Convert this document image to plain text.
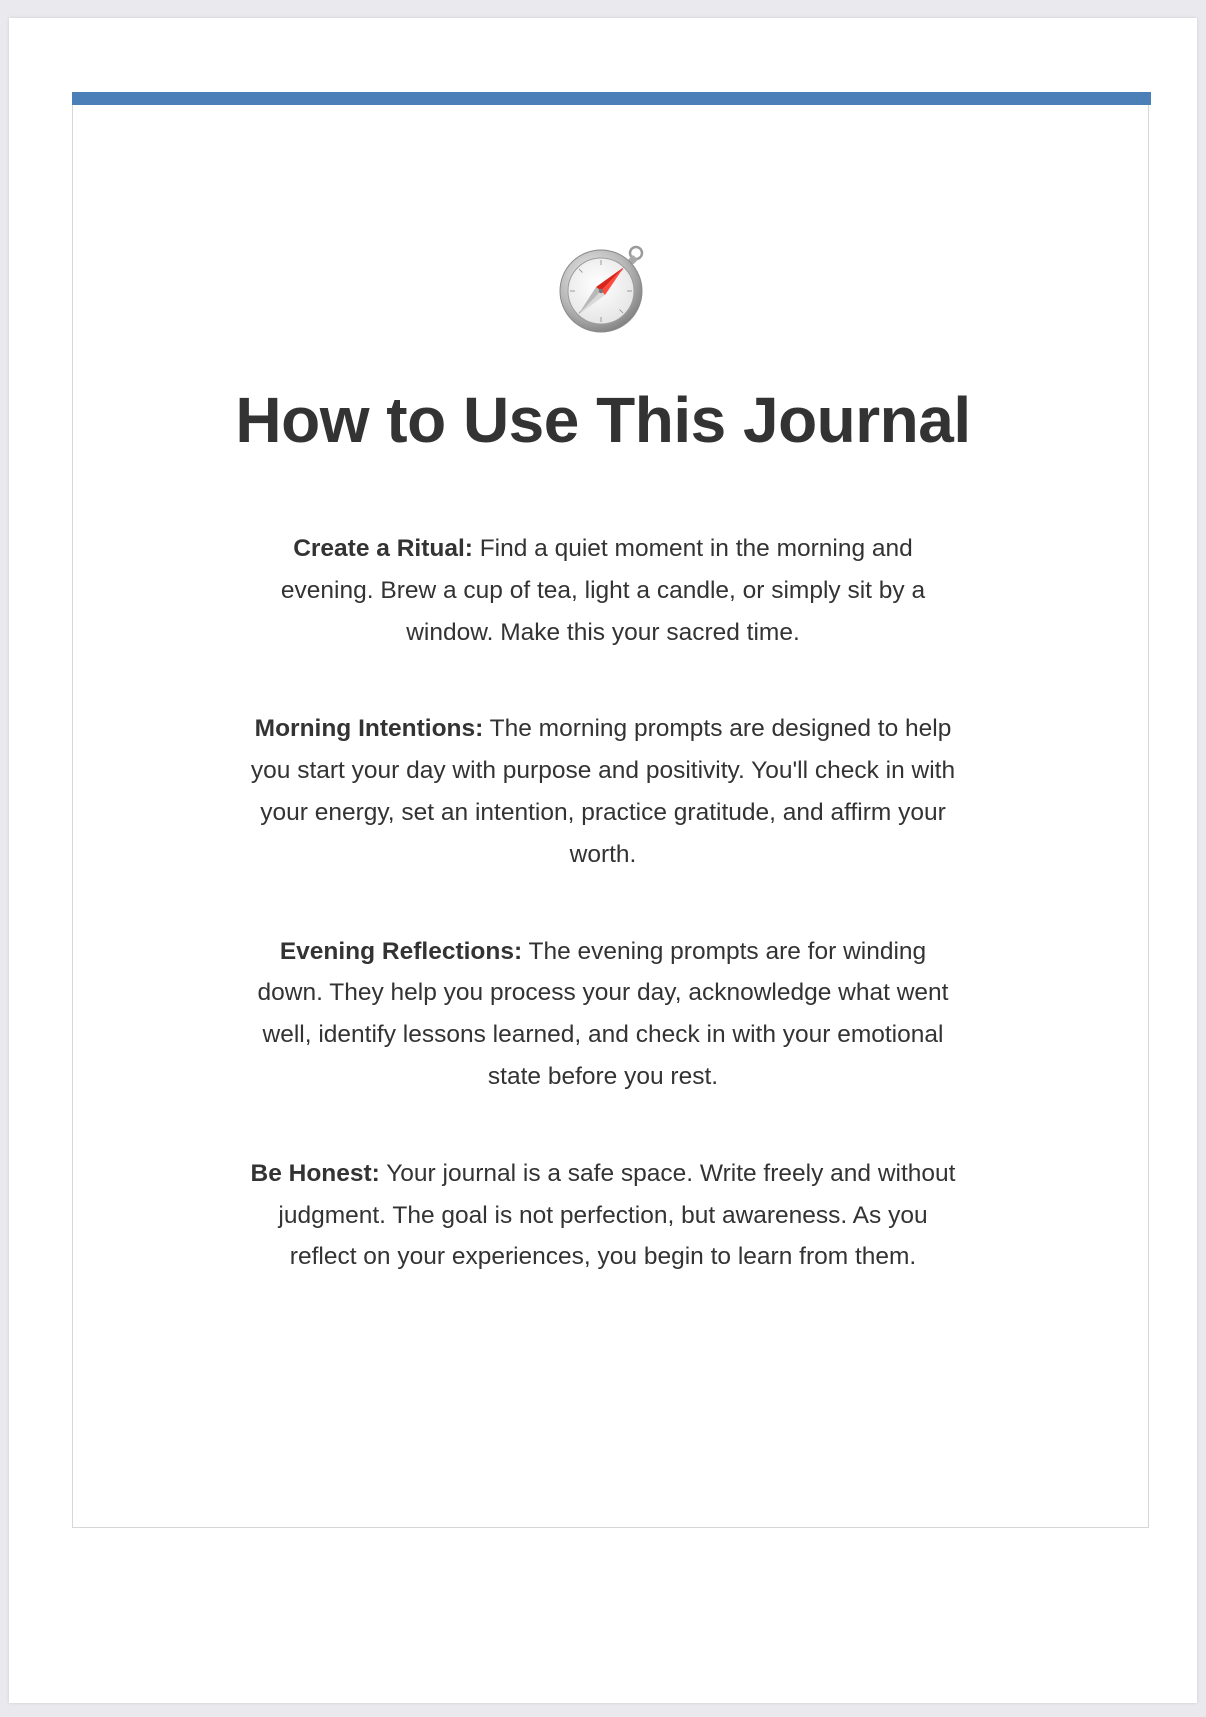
How to Use This Journal

Create a Ritual: Find a quiet moment in the morning and evening. Brew a cup of tea, light a candle, or simply sit by a window. Make this your sacred time.

Morning Intentions: The morning prompts are designed to help you start your day with purpose and positivity. You'll check in with your energy, set an intention, practice gratitude, and affirm your worth.

Evening Reflections: The evening prompts are for winding down. They help you process your day, acknowledge what went well, identify lessons learned, and check in with your emotional state before you rest.

Be Honest: Your journal is a safe space. Write freely and without judgment. The goal is not perfection, but awareness. As you reflect on your experiences, you begin to learn from them.
